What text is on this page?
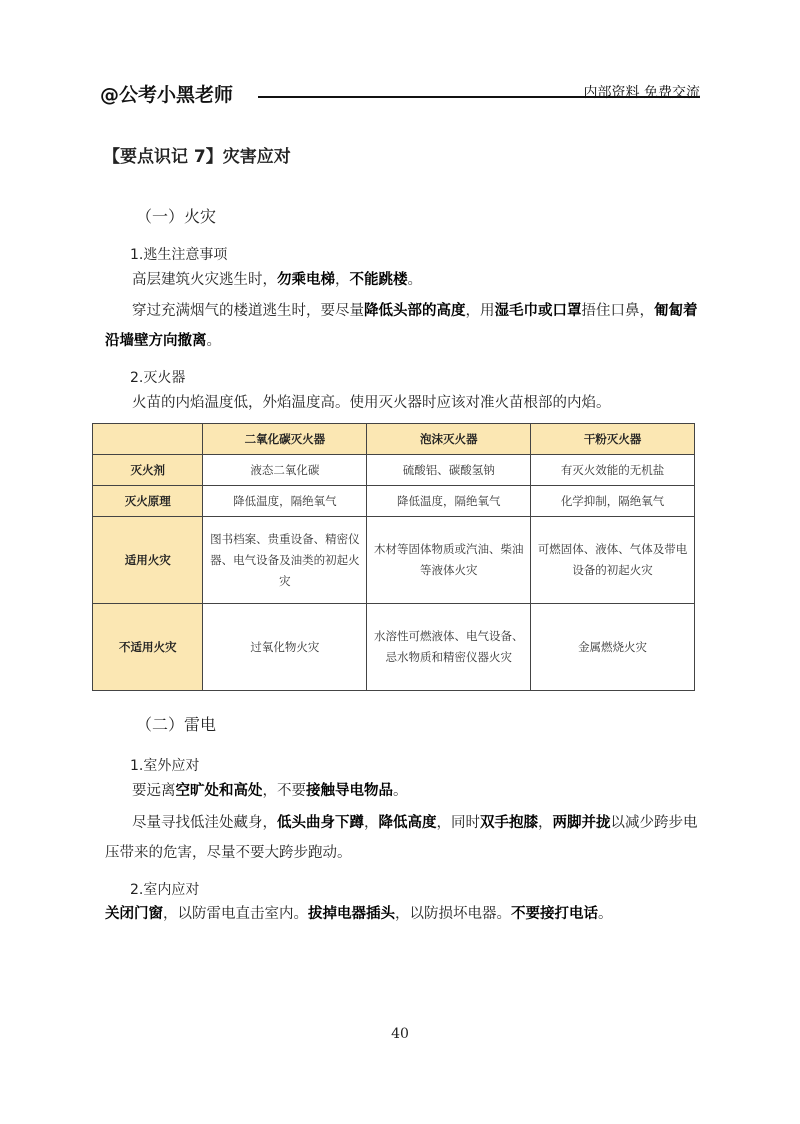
@公考小黑老师	内部资料 免费交流
【要点识记 7】灾害应对
（一）火灾
1.逃生注意事项
高层建筑火灾逃生时，勿乘电梯，不能跳楼。
穿过充满烟气的楼道逃生时，要尽量降低头部的高度，用湿毛巾或口罩捂住口鼻，匍匐着沿墙壁方向撤离。
2.灭火器
火苗的内焰温度低，外焰温度高。使用灭火器时应该对准火苗根部的内焰。
	二氧化碳灭火器	泡沫灭火器	干粉灭火器
灭火剂	液态二氧化碳	硫酸铝、碳酸氢钠	有灭火效能的无机盐
灭火原理	降低温度，隔绝氧气	降低温度，隔绝氧气	化学抑制，隔绝氧气
适用火灾	图书档案、贵重设备、精密仪器、电气设备及油类的初起火灾	木材等固体物质或汽油、柴油等液体火灾	可燃固体、液体、气体及带电设备的初起火灾
不适用火灾	过氧化物火灾	水溶性可燃液体、电气设备、忌水物质和精密仪器火灾	金属燃烧火灾
（二）雷电
1.室外应对
要远离空旷处和高处，不要接触导电物品。
尽量寻找低洼处藏身，低头曲身下蹲，降低高度，同时双手抱膝，两脚并拢以减少跨步电压带来的危害，尽量不要大跨步跑动。
2.室内应对
关闭门窗，以防雷电直击室内。拔掉电器插头，以防损坏电器。不要接打电话。
40
